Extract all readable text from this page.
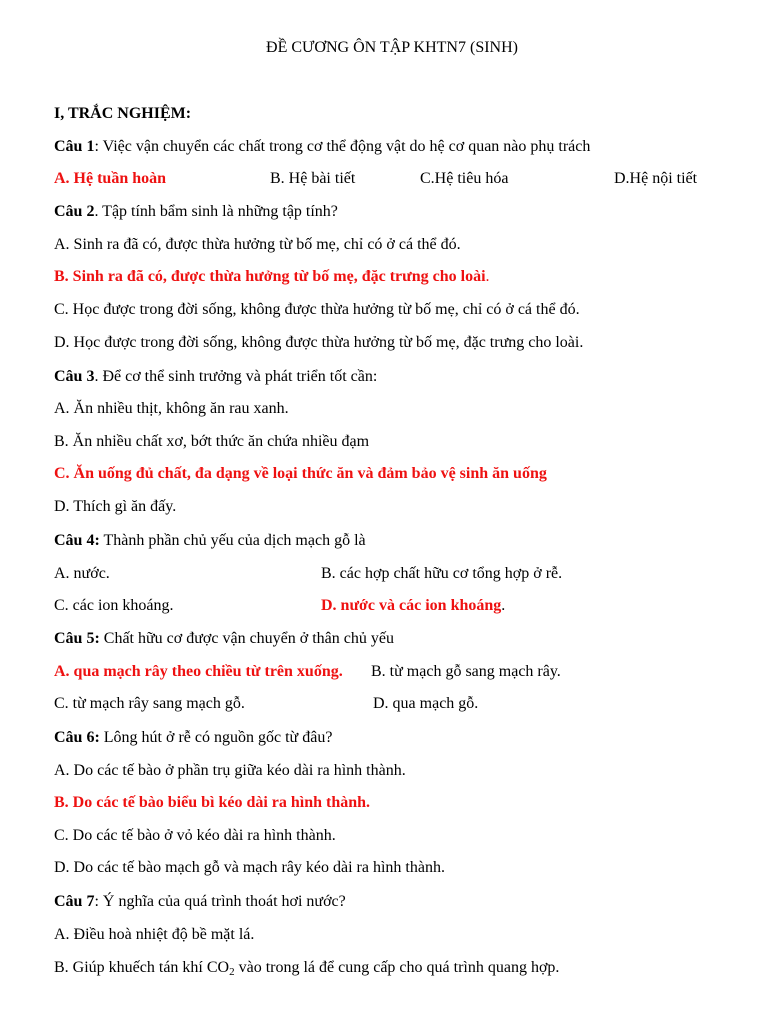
ĐỀ CƯƠNG ÔN TẬP KHTN7 (SINH)
I, TRẮC NGHIỆM:
Câu 1: Việc vận chuyển các chất trong cơ thể động vật do hệ cơ quan nào phụ trách
A. Hệ tuần hoàn	B. Hệ bài tiết	C.Hệ tiêu hóa	D.Hệ nội tiết
Câu 2. Tập tính bẩm sinh là những tập tính?
A. Sinh ra đã có, được thừa hưởng từ bố mẹ, chỉ có ở cá thể đó.
B. Sinh ra đã có, được thừa hưởng từ bố mẹ, đặc trưng cho loài.
C. Học được trong đời sống, không được thừa hưởng từ bố mẹ, chỉ có ở cá thể đó.
D. Học được trong đời sống, không được thừa hưởng từ bố mẹ, đặc trưng cho loài.
Câu 3. Để cơ thể sinh trưởng và phát triển tốt cần:
A. Ăn nhiều thịt, không ăn rau xanh.
B. Ăn nhiều chất xơ, bớt thức ăn chứa nhiều đạm
C. Ăn uống đủ chất, đa dạng về loại thức ăn và đảm bảo vệ sinh ăn uống
D. Thích gì ăn đấy.
Câu 4: Thành phần chủ yếu của dịch mạch gỗ là
A. nước.	B. các hợp chất hữu cơ tổng hợp ở rễ.
C. các ion khoáng.	D. nước và các ion khoáng.
Câu 5: Chất hữu cơ được vận chuyển ở thân chủ yếu
A. qua mạch rây theo chiều từ trên xuống. B. từ mạch gỗ sang mạch rây.
C. từ mạch rây sang mạch gỗ.	D. qua mạch gỗ.
Câu 6: Lông hút ở rễ có nguồn gốc từ đâu?
A. Do các tế bào ở phần trụ giữa kéo dài ra hình thành.
B. Do các tế bào biểu bì kéo dài ra hình thành.
C. Do các tế bào ở vỏ kéo dài ra hình thành.
D. Do các tế bào mạch gỗ và mạch rây kéo dài ra hình thành.
Câu 7: Ý nghĩa của quá trình thoát hơi nước?
A. Điều hoà nhiệt độ bề mặt lá.
B. Giúp khuếch tán khí $CO_2$ vào trong lá để cung cấp cho quá trình quang hợp.
